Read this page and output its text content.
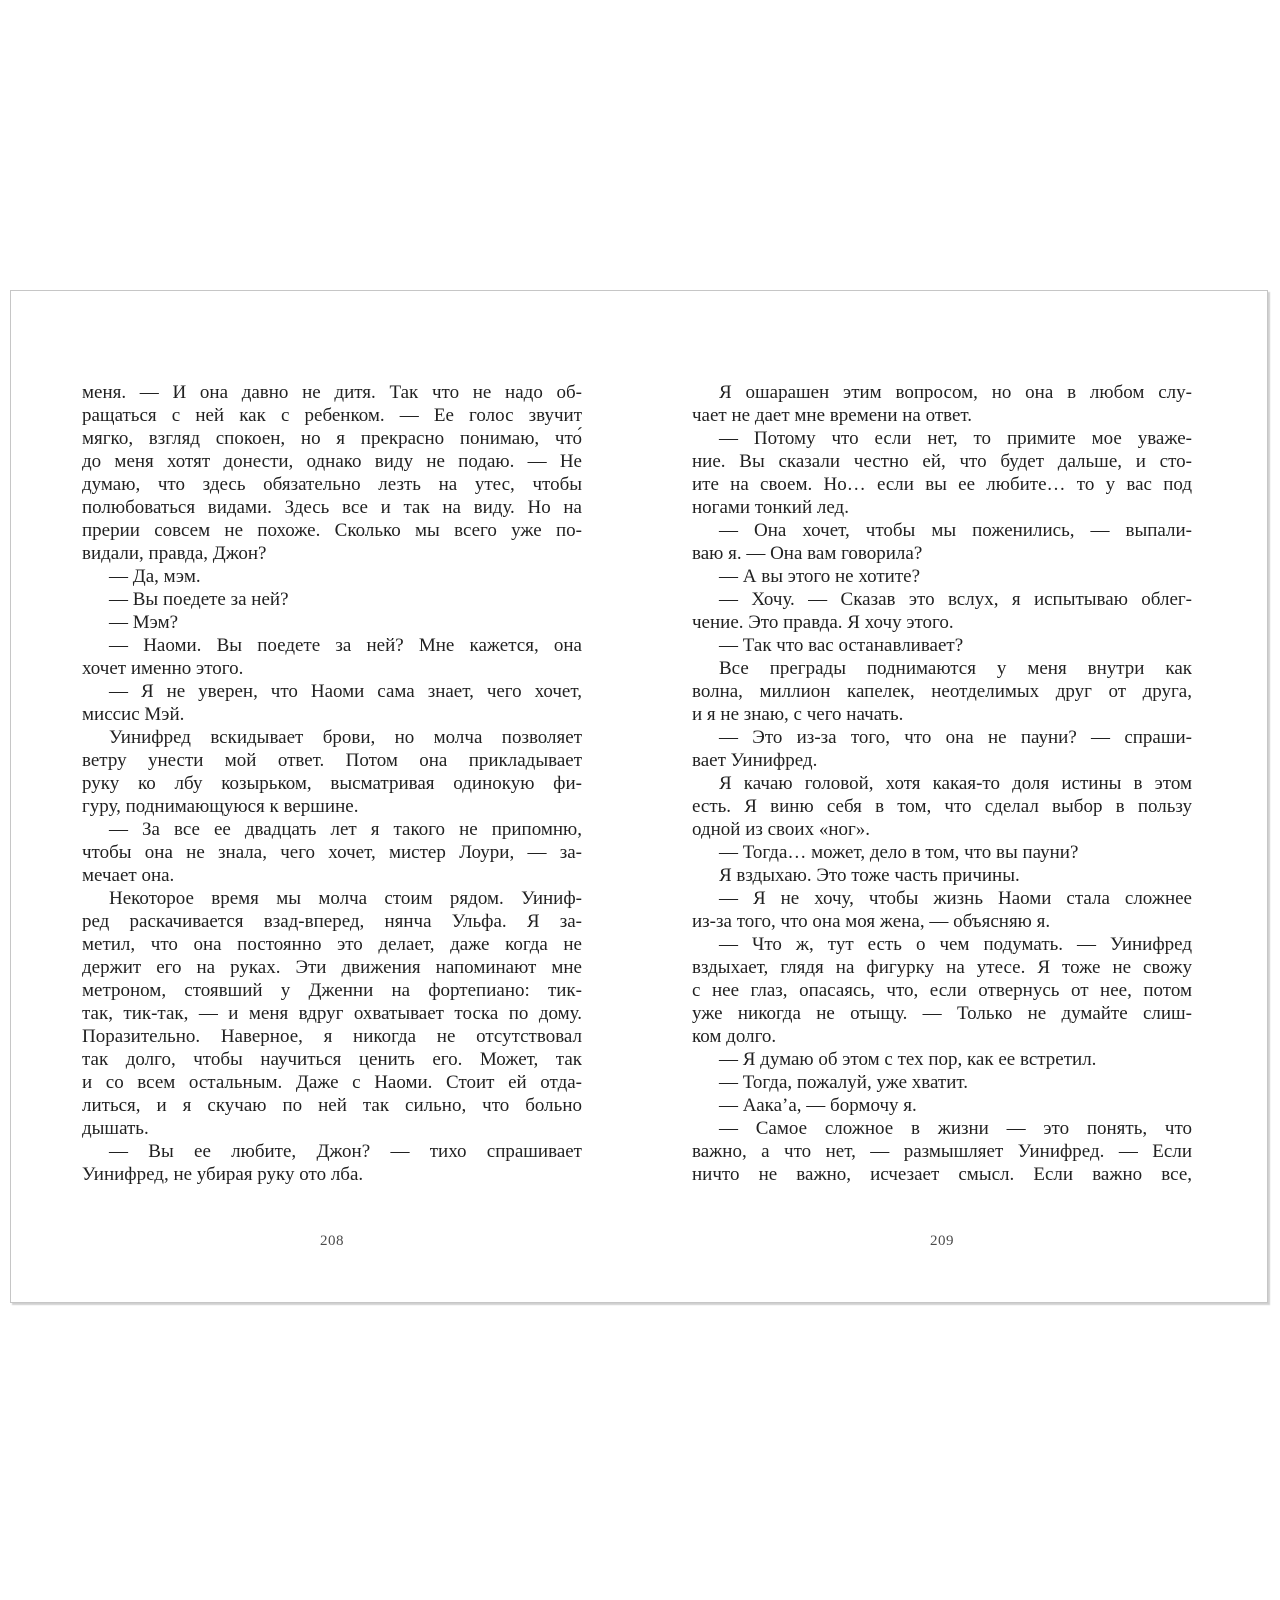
меня. — И она давно не дитя. Так что не надо об-
ращаться с ней как с ребенком. — Ее голос звучит
мягко, взгляд спокоен, но я прекрасно понимаю, что́
до меня хотят донести, однако виду не подаю. — Не
думаю, что здесь обязательно лезть на утес, чтобы
полюбоваться видами. Здесь все и так на виду. Но на
прерии совсем не похоже. Сколько мы всего уже по-
видали, правда, Джон?
— Да, мэм.
— Вы поедете за ней?
— Мэм?
— Наоми. Вы поедете за ней? Мне кажется, она
хочет именно этого.
— Я не уверен, что Наоми сама знает, чего хочет,
миссис Мэй.
Уинифред вскидывает брови, но молча позволяет
ветру унести мой ответ. Потом она прикладывает
руку ко лбу козырьком, высматривая одинокую фи-
гуру, поднимающуюся к вершине.
— За все ее двадцать лет я такого не припомню,
чтобы она не знала, чего хочет, мистер Лоури, — за-
мечает она.
Некоторое время мы молча стоим рядом. Уиниф-
ред раскачивается взад-вперед, нянча Ульфа. Я за-
метил, что она постоянно это делает, даже когда не
держит его на руках. Эти движения напоминают мне
метроном, стоявший у Дженни на фортепиано: тик-
так, тик-так, — и меня вдруг охватывает тоска по дому.
Поразительно. Наверное, я никогда не отсутствовал
так долго, чтобы научиться ценить его. Может, так
и со всем остальным. Даже с Наоми. Стоит ей отда-
литься, и я скучаю по ней так сильно, что больно
дышать.
— Вы ее любите, Джон? — тихо спрашивает
Уинифред, не убирая руку ото лба.
208
Я ошарашен этим вопросом, но она в любом слу-
чает не дает мне времени на ответ.
— Потому что если нет, то примите мое уваже-
ние. Вы сказали честно ей, что будет дальше, и сто-
ите на своем. Но… если вы ее любите… то у вас под
ногами тонкий лед.
— Она хочет, чтобы мы поженились, — выпали-
ваю я. — Она вам говорила?
— А вы этого не хотите?
— Хочу. — Сказав это вслух, я испытываю облег-
чение. Это правда. Я хочу этого.
— Так что вас останавливает?
Все преграды поднимаются у меня внутри как
волна, миллион капелек, неотделимых друг от друга,
и я не знаю, с чего начать.
— Это из-за того, что она не пауни? — спраши-
вает Уинифред.
Я качаю головой, хотя какая-то доля истины в этом
есть. Я виню себя в том, что сделал выбор в пользу
одной из своих «ног».
— Тогда… может, дело в том, что вы пауни?
Я вздыхаю. Это тоже часть причины.
— Я не хочу, чтобы жизнь Наоми стала сложнее
из-за того, что она моя жена, — объясняю я.
— Что ж, тут есть о чем подумать. — Уинифред
вздыхает, глядя на фигурку на утесе. Я тоже не свожу
с нее глаз, опасаясь, что, если отвернусь от нее, потом
уже никогда не отыщу. — Только не думайте слиш-
ком долго.
— Я думаю об этом с тех пор, как ее встретил.
— Тогда, пожалуй, уже хватит.
— Аака’а, — бормочу я.
— Самое сложное в жизни — это понять, что
важно, а что нет, — размышляет Уинифред. — Если
ничто не важно, исчезает смысл. Если важно все,
209
